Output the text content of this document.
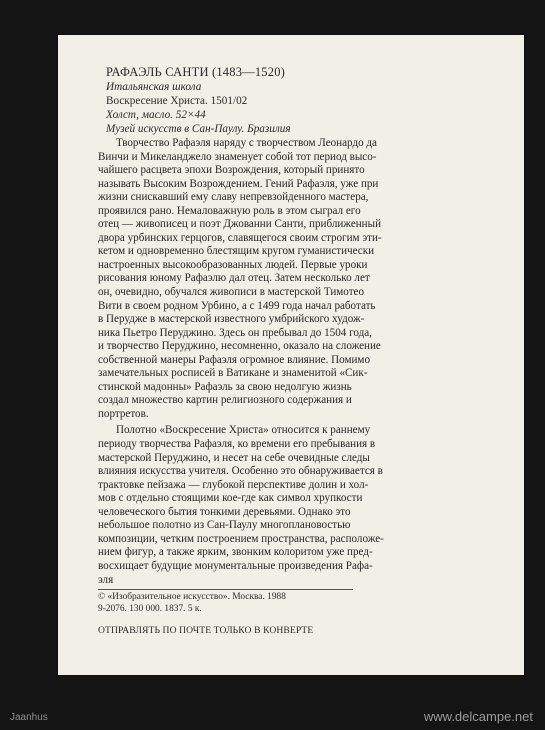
РАФАЭЛЬ САНТИ (1483—1520)
Итальянская школа
Воскресение Христа. 1501/02
Холст, масло. 52×44
Музей искусств в Сан-Паулу. Бразилия

Творчество Рафаэля наряду с творчеством Леонардо да

Винчи и Микеланджело знаменует собой тот период высо-

чайшего расцвета эпохи Возрождения, который принято

называть Высоким Возрождением. Гений Рафаэля, уже при

жизни снискавший ему славу непревзойденного мастера,

проявился рано. Немаловажную роль в этом сыграл его

отец — живописец и поэт Джованни Санти, приближенный

двора урбинских герцогов, славящегося своим строгим эти-

кетом и одновременно блестящим кругом гуманистически

настроенных высокообразованных людей. Первые уроки

рисования юному Рафаэлю дал отец. Затем несколько лет

он, очевидно, обучался живописи в мастерской Тимотео

Вити в своем родном Урбино, а с 1499 года начал работать

в Перудже в мастерской известного умбрийского худож-

ника Пьетро Перуджино. Здесь он пребывал до 1504 года,

и творчество Перуджино, несомненно, оказало на сложение

собственной манеры Рафаэля огромное влияние. Помимо

замечательных росписей в Ватикане и знаменитой «Сик-

стинской мадонны» Рафаэль за свою недолгую жизнь

создал множество картин религиозного содержания и

портретов.

Полотно «Воскресение Христа» относится к раннему

периоду творчества Рафаэля, ко времени его пребывания в

мастерской Перуджино, и несет на себе очевидные следы

влияния искусства учителя. Особенно это обнаруживается в

трактовке пейзажа — глубокой перспективе долин и хол-

мов с отдельно стоящими кое-где как символ хрупкости

человеческого бытия тонкими деревьями. Однако это

небольшое полотно из Сан-Паулу многоплановостью

композиции, четким построением пространства, расположе-

нием фигур, а также ярким, звонким колоритом уже пред-

восхищает будущие монументальные произведения Рафа-

эля

© «Изобразительное искусство». Москва. 1988
9-2076. 130 000. 1837. 5 к.
ОТПРАВЛЯТЬ ПО ПОЧТЕ ТОЛЬКО В КОНВЕРТЕ
Jaanhus	www.delcampe.net
